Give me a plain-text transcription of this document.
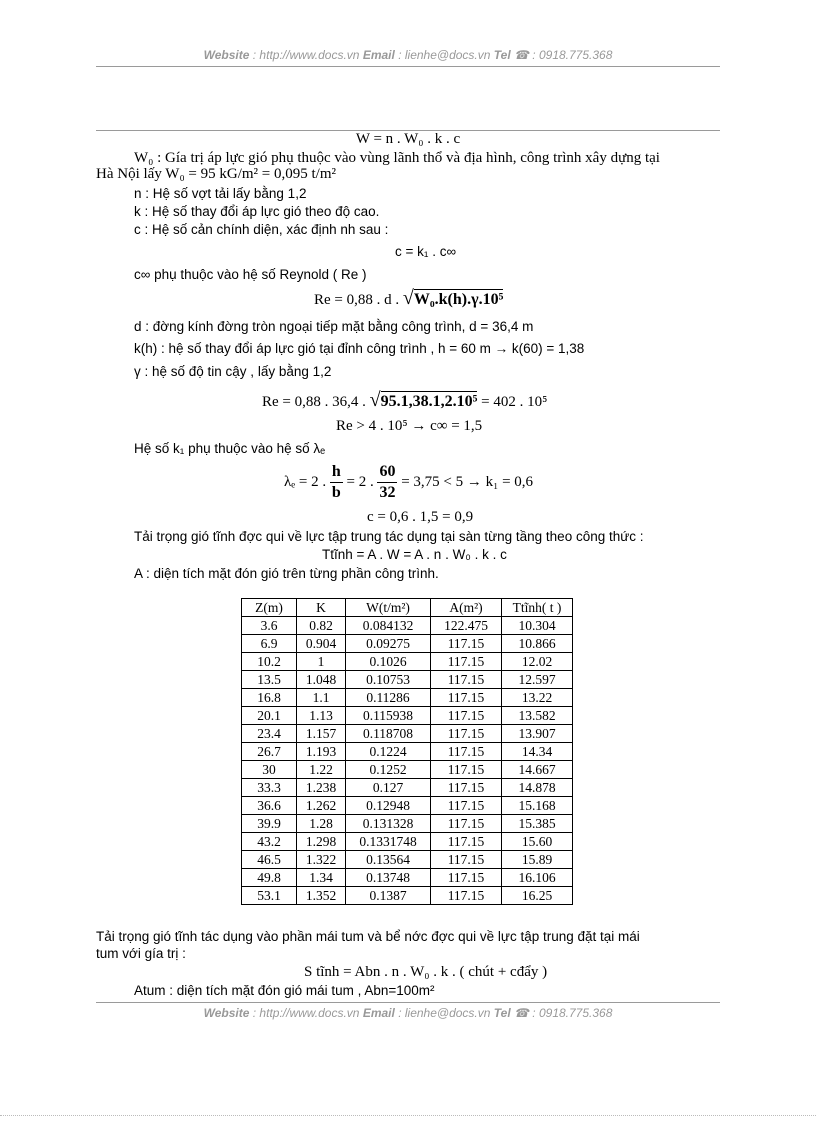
Website : http://www.docs.vn Email : lienhe@docs.vn Tel ☎ : 0918.775.368
W = n . W₀ . k . c
W₀ : Gía trị áp lực gió phụ thuộc vào vùng lãnh thổ và địa hình, công trình xây dựng tại
Hà Nội lấy W₀ = 95 kG/m² = 0,095 t/m²
n : Hệ số vợt tải lấy bằng 1,2
k : Hệ số thay đổi áp lực gió theo độ cao.
c : Hệ số cản chính diện, xác định nh sau :
c = k₁ . c∞
c∞ phụ thuộc vào hệ số Reynold ( Re )
Re = 0,88 . d . √W₀.k(h).γ.10⁵
d : đờng kính đờng tròn ngoại tiếp mặt bằng công trình, d = 36,4 m
k(h) : hệ số thay đổi áp lực gió tại đỉnh công trình , h = 60 m → k(60) = 1,38
γ : hệ số độ tin cậy , lấy bằng 1,2
Re = 0,88 . 36,4 . √95.1,38.1,2.10⁵ = 402 . 10⁵
Re > 4 . 10⁵ → c∞ = 1,5
Hệ số k₁ phụ thuộc vào hệ số λₑ
λₑ = 2 . $\frac{h}{b} = 2$ . $\frac{60}{32} = 3,75 < 5 \to k_1 = 0,6$
c = 0,6 . 1,5 = 0,9
Tải trọng gió tĩnh đợc qui về lực tập trung tác dụng tại sàn từng tầng theo công thức :
Ttĩnh = A . W = A . n . W₀ . k . c
A : diện tích mặt đón gió trên từng phần công trình.
Z(m)	K	W(t/m²)	A(m²)	Ttĩnh( t )
3.6	0.82	0.084132	122.475	10.304
6.9	0.904	0.09275	117.15	10.866
10.2	1	0.1026	117.15	12.02
13.5	1.048	0.10753	117.15	12.597
16.8	1.1	0.11286	117.15	13.22
20.1	1.13	0.115938	117.15	13.582
23.4	1.157	0.118708	117.15	13.907
26.7	1.193	0.1224	117.15	14.34
30	1.22	0.1252	117.15	14.667
33.3	1.238	0.127	117.15	14.878
36.6	1.262	0.12948	117.15	15.168
39.9	1.28	0.131328	117.15	15.385
43.2	1.298	0.1331748	117.15	15.60
46.5	1.322	0.13564	117.15	15.89
49.8	1.34	0.13748	117.15	16.106
53.1	1.352	0.1387	117.15	16.25
Tải trọng gió tĩnh tác dụng vào phần mái tum và bể nớc đợc qui về lực tập trung đặt tại mái
tum với gía trị :
S tĩnh = Abn . n . W₀ . k . ( chút + cđẩy )
Atum : diện tích mặt đón gió mái tum , Abn=100m²
Website : http://www.docs.vn Email : lienhe@docs.vn Tel ☎ : 0918.775.368
